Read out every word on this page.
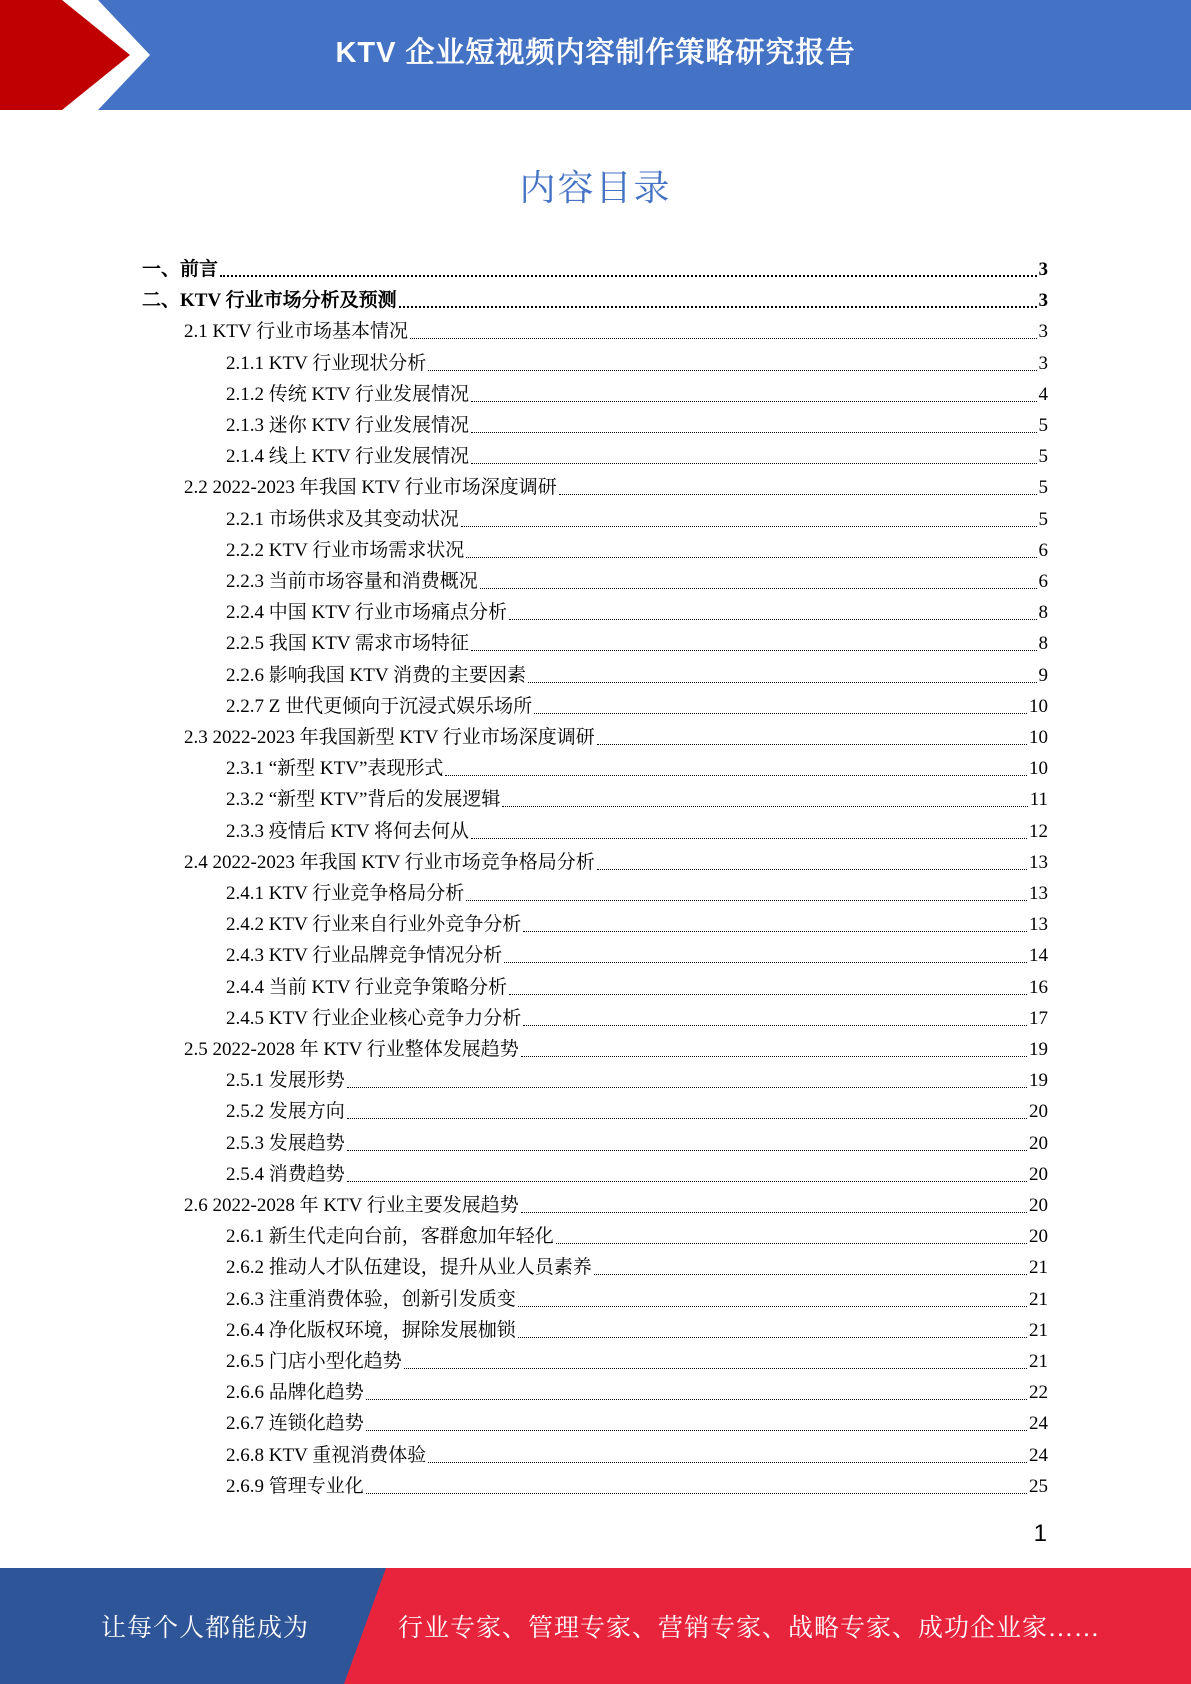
KTV 企业短视频内容制作策略研究报告
内容目录
一、前言	3
二、KTV 行业市场分析及预测	3
2.1 KTV 行业市场基本情况	3
2.1.1 KTV 行业现状分析	3
2.1.2 传统 KTV 行业发展情况	4
2.1.3 迷你 KTV 行业发展情况	5
2.1.4 线上 KTV 行业发展情况	5
2.2 2022-2023 年我国 KTV 行业市场深度调研	5
2.2.1 市场供求及其变动状况	5
2.2.2 KTV 行业市场需求状况	6
2.2.3 当前市场容量和消费概况	6
2.2.4 中国 KTV 行业市场痛点分析	8
2.2.5 我国 KTV 需求市场特征	8
2.2.6 影响我国 KTV 消费的主要因素	9
2.2.7 Z 世代更倾向于沉浸式娱乐场所	10
2.3 2022-2023 年我国新型 KTV 行业市场深度调研	10
2.3.1 “新型 KTV”表现形式	10
2.3.2 “新型 KTV”背后的发展逻辑	11
2.3.3 疫情后 KTV 将何去何从	12
2.4 2022-2023 年我国 KTV 行业市场竞争格局分析	13
2.4.1 KTV 行业竞争格局分析	13
2.4.2 KTV 行业来自行业外竞争分析	13
2.4.3 KTV 行业品牌竞争情况分析	14
2.4.4 当前 KTV 行业竞争策略分析	16
2.4.5 KTV 行业企业核心竞争力分析	17
2.5 2022-2028 年 KTV 行业整体发展趋势	19
2.5.1 发展形势	19
2.5.2 发展方向	20
2.5.3 发展趋势	20
2.5.4 消费趋势	20
2.6 2022-2028 年 KTV 行业主要发展趋势	20
2.6.1 新生代走向台前，客群愈加年轻化	20
2.6.2 推动人才队伍建设，提升从业人员素养	21
2.6.3 注重消费体验，创新引发质变	21
2.6.4 净化版权环境，摒除发展枷锁	21
2.6.5 门店小型化趋势	21
2.6.6 品牌化趋势	22
2.6.7 连锁化趋势	24
2.6.8 KTV 重视消费体验	24
2.6.9 管理专业化	25
1
让每个人都能成为	行业专家、管理专家、营销专家、战略专家、成功企业家……
